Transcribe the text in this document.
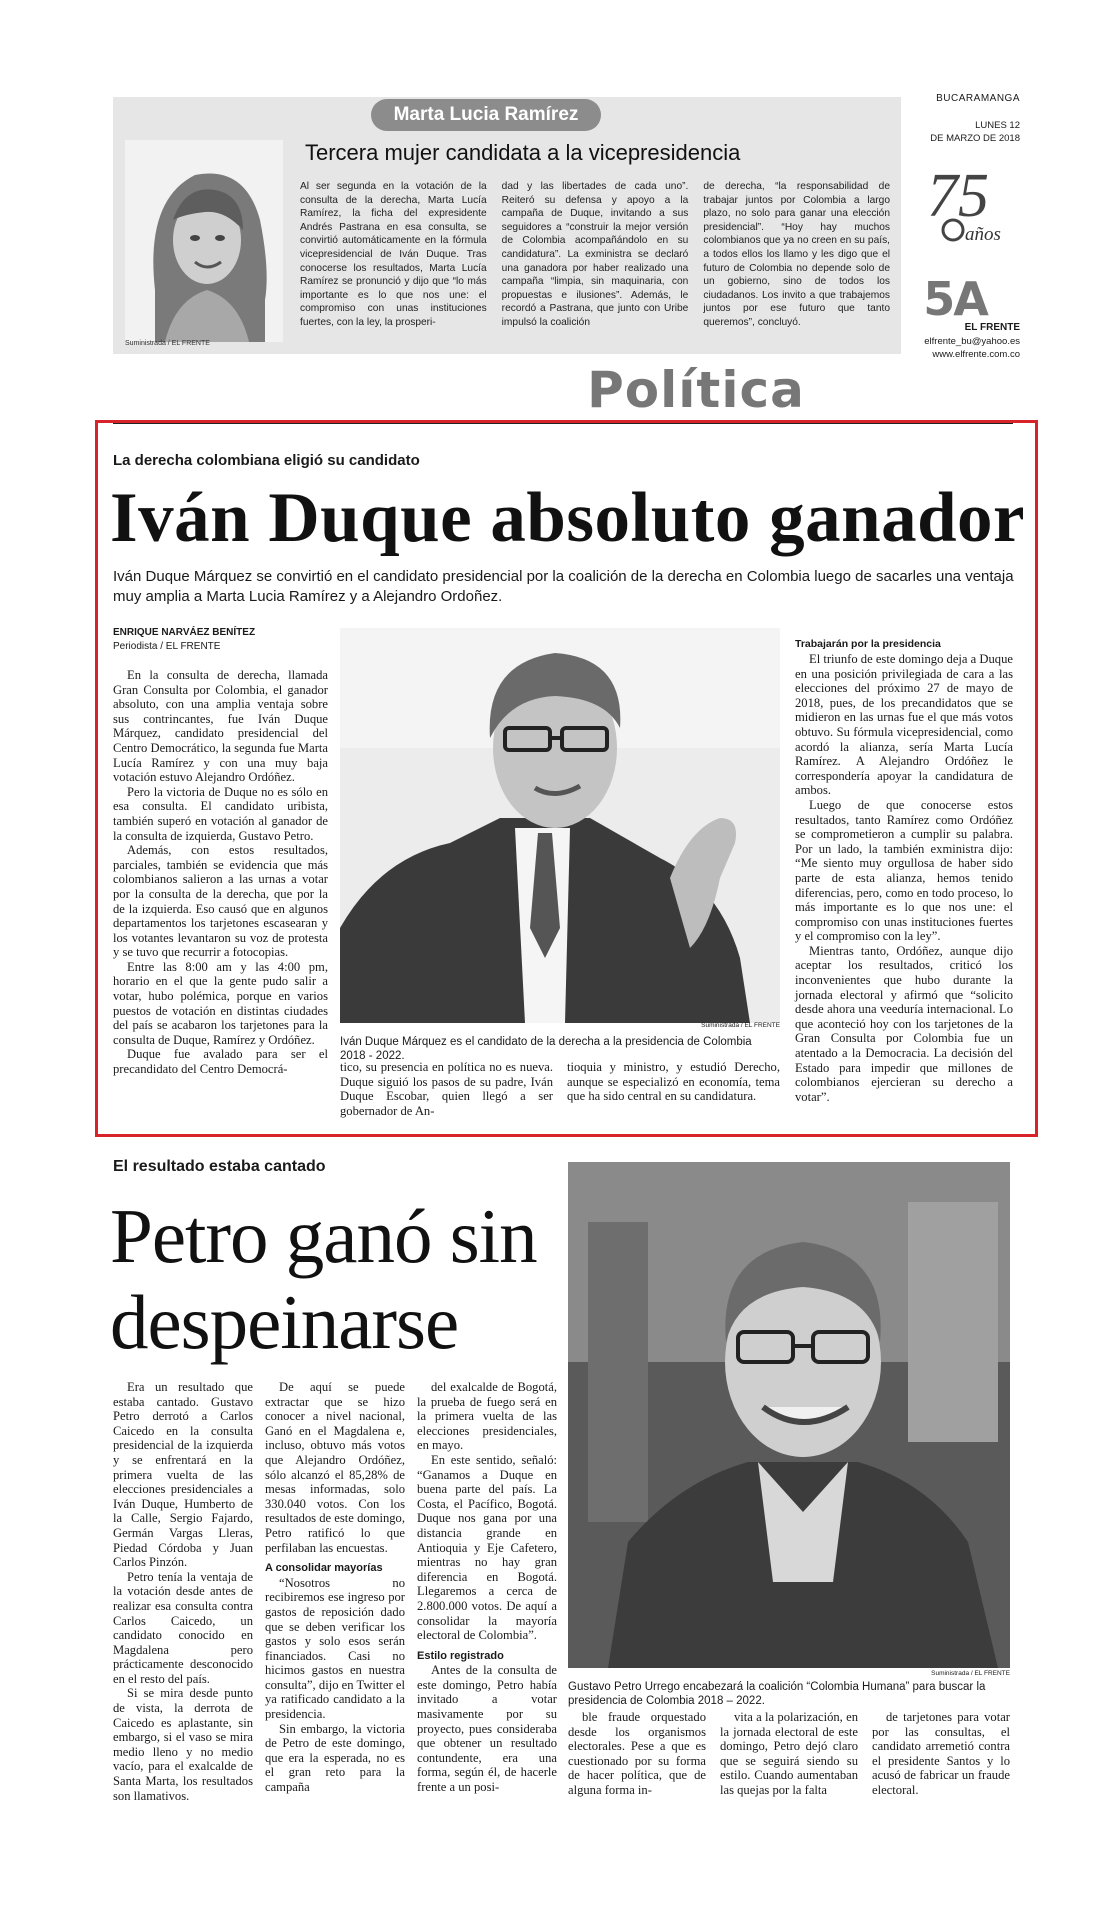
Marta Lucia Ramírez
Suministrada / EL FRENTE
Tercera mujer candidata a la vicepresidencia

Al ser segunda en la votación de la consulta de la derecha, Marta Lucía Ramírez, la ficha del expresidente Andrés Pastrana en esa consulta, se convirtió automáticamente en la fórmula vicepresidencial de Iván Duque. Tras conocerse los resultados, Marta Lucía Ramírez se pronunció y dijo que “lo más importante es lo que nos une: el compromiso con unas instituciones fuertes, con la ley, la prosperi-

dad y las libertades de cada uno”. Reiteró su defensa y apoyo a la campaña de Duque, invitando a sus seguidores a “construir la mejor versión de Colombia acompañándolo en su candidatura”. La exministra se declaró una ganadora por haber realizado una campaña “limpia, sin maquinaria, con propuestas e ilusiones”. Además, le recordó a Pastrana, que junto con Uribe impulsó la coalición

de derecha, “la responsabilidad de trabajar juntos por Colombia a largo plazo, no solo para ganar una elección presidencial”. “Hoy hay muchos colombianos que ya no creen en su país, a todos ellos los llamo y les digo que el futuro de Colombia no depende solo de un gobierno, sino de todos los ciudadanos. Los invito a que trabajemos juntos por ese futuro que tanto queremos”, concluyó.

BUCARAMANGA
LUNES 12
DE MARZO DE 2018
75
años
5A
EL FRENTE
elfrente_bu@yahoo.es
www.elfrente.com.co
Política
La derecha colombiana eligió su candidato
Iván Duque absoluto ganador
Iván Duque Márquez se convirtió en el candidato presidencial por la coalición de la derecha en Colombia luego de sacarles una ventaja muy amplia a Marta Lucia Ramírez y a Alejandro Ordoñez.
ENRIQUE NARVÁEZ BENÍTEZ
Periodista / EL FRENTE

En la consulta de derecha, llamada Gran Consulta por Colombia, el ganador absoluto, con una amplia ventaja sobre sus contrincantes, fue Iván Duque Márquez, candidato presidencial del Centro Democrático, la segunda fue Marta Lucía Ramírez y con una muy baja votación estuvo Alejandro Ordóñez.

Pero la victoria de Duque no es sólo en esa consulta. El candidato uribista, también superó en votación al ganador de la consulta de izquierda, Gustavo Petro.

Además, con estos resultados, parciales, también se evidencia que más colombianos salieron a las urnas a votar por la consulta de la derecha, que por la de la izquierda. Eso causó que en algunos departamentos los tarjetones escasearan y los votantes levantaron su voz de protesta y se tuvo que recurrir a fotocopias.

Entre las 8:00 am y las 4:00 pm, horario en el que la gente pudo salir a votar, hubo polémica, porque en varios puestos de votación en distintas ciudades del país se acabaron los tarjetones para la consulta de Duque, Ramírez y Ordóñez.

Duque fue avalado para ser el precandidato del Centro Democrá-

Suministrada / EL FRENTE
Iván Duque Márquez es el candidato de la derecha a la presidencia de Colombia 2018 - 2022.

tico, su presencia en política no es nueva. Duque siguió los pasos de su padre, Iván Duque Escobar, quien llegó a ser gobernador de An-

tioquia y ministro, y estudió Derecho, aunque se especializó en economía, tema que ha sido central en su candidatura.

Trabajarán por la presidencia

El triunfo de este domingo deja a Duque en una posición privilegiada de cara a las elecciones del próximo 27 de mayo de 2018, pues, de los precandidatos que se midieron en las urnas fue el que más votos obtuvo. Su fórmula vicepresidencial, como acordó la alianza, sería Marta Lucía Ramírez. A Alejandro Ordóñez le correspondería apoyar la candidatura de ambos.

Luego de que conocerse estos resultados, tanto Ramírez como Ordóñez se comprometieron a cumplir su palabra. Por un lado, la también exministra dijo: “Me siento muy orgullosa de haber sido parte de esta alianza, hemos tenido diferencias, pero, como en todo proceso, lo más importante es lo que nos une: el compromiso con unas instituciones fuertes y el compromiso con la ley”.

Mientras tanto, Ordóñez, aunque dijo aceptar los resultados, criticó los inconvenientes que hubo durante la jornada electoral y afirmó que “solicito desde ahora una veeduría internacional. Lo que aconteció hoy con los tarjetones de la Gran Consulta por Colombia fue un atentado a la Democracia. La decisión del Estado para impedir que millones de colombianos ejercieran su derecho a votar”.

El resultado estaba cantado
Petro ganó sin despeinarse
Suministrada / EL FRENTE
Gustavo Petro Urrego encabezará la coalición “Colombia Humana” para buscar la presidencia de Colombia 2018 – 2022.

Era un resultado que estaba cantado. Gustavo Petro derrotó a Carlos Caicedo en la consulta presidencial de la izquierda y se enfrentará en la primera vuelta de las elecciones presidenciales a Iván Duque, Humberto de la Calle, Sergio Fajardo, Germán Vargas Lleras, Piedad Córdoba y Juan Carlos Pinzón.

Petro tenía la ventaja de la votación desde antes de realizar esa consulta contra Carlos Caicedo, un candidato conocido en Magdalena pero prácticamente desconocido en el resto del país.

Si se mira desde punto de vista, la derrota de Caicedo es aplastante, sin embargo, si el vaso se mira medio lleno y no medio vacío, para el exalcalde de Santa Marta, los resultados son llamativos.

De aquí se puede extractar que se hizo conocer a nivel nacional, Ganó en el Magdalena e, incluso, obtuvo más votos que Alejandro Ordóñez, sólo alcanzó el 85,28% de mesas informadas, solo 330.040 votos. Con los resultados de este domingo, Petro ratificó lo que perfilaban las encuestas.

A consolidar mayorías

“Nosotros no recibiremos ese ingreso por gastos de reposición dado que se deben verificar los gastos y solo esos serán financiados. Casi no hicimos gastos en nuestra consulta”, dijo en Twitter el ya ratificado candidato a la presidencia.

Sin embargo, la victoria de Petro de este domingo, que era la esperada, no es el gran reto para la campaña

del exalcalde de Bogotá, la prueba de fuego será en la primera vuelta de las elecciones presidenciales, en mayo.

En este sentido, señaló: “Ganamos a Duque en buena parte del país. La Costa, el Pacífico, Bogotá. Duque nos gana por una distancia grande en Antioquia y Eje Cafetero, mientras no hay gran diferencia en Bogotá. Llegaremos a cerca de 2.800.000 votos. De aquí a consolidar la mayoría electoral de Colombia”.

Estilo registrado

Antes de la consulta de este domingo, Petro había invitado a votar masivamente por su proyecto, pues consideraba que obtener un resultado contundente, era una forma, según él, de hacerle frente a un posi-

ble fraude orquestado desde los organismos electorales. Pese a que es cuestionado por su forma de hacer política, que de alguna forma in-

vita a la polarización, en la jornada electoral de este domingo, Petro dejó claro que se seguirá siendo su estilo. Cuando aumentaban las quejas por la falta

de tarjetones para votar por las consultas, el candidato arremetió contra el presidente Santos y lo acusó de fabricar un fraude electoral.
